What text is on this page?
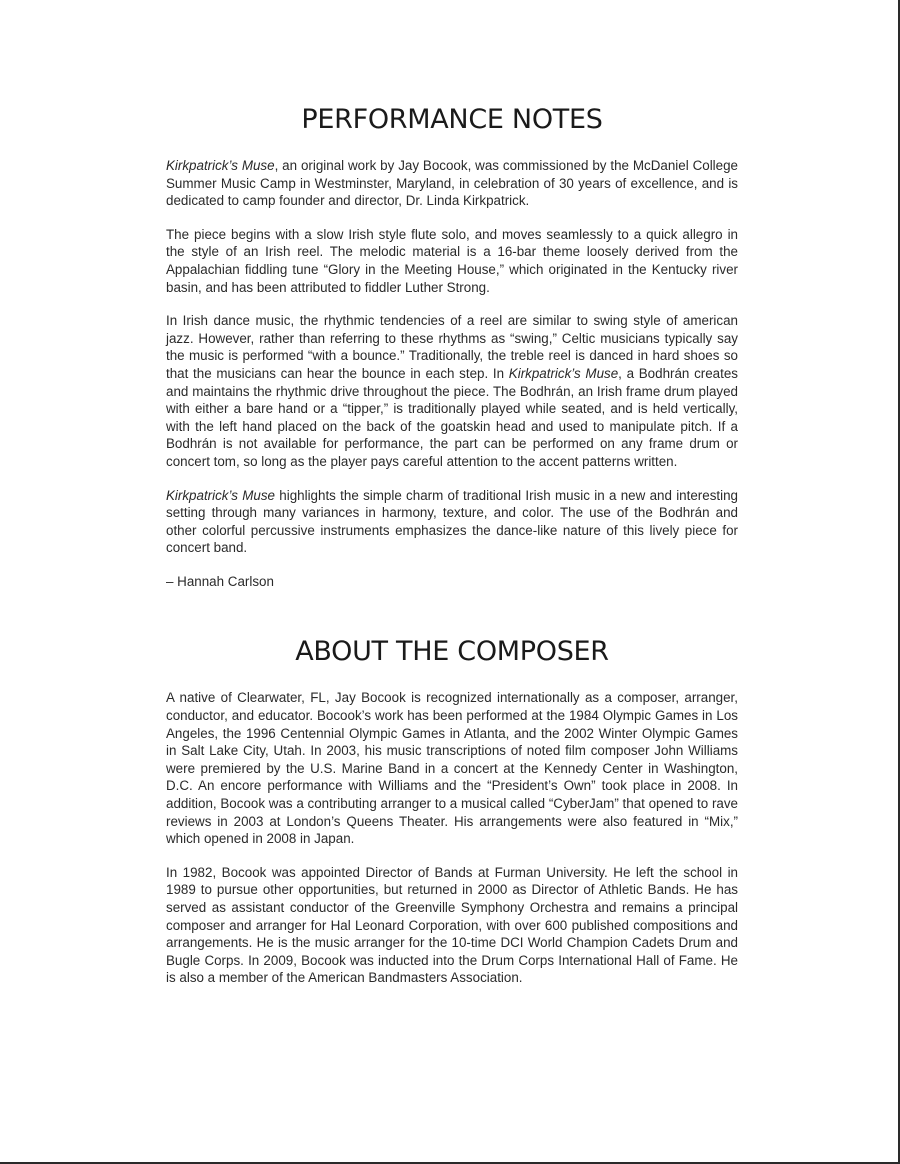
PERFORMANCE NOTES

Kirkpatrick’s Muse, an original work by Jay Bocook, was commissioned by the McDaniel College Summer Music Camp in Westminster, Maryland, in celebration of 30 years of excellence, and is dedicated to camp founder and director, Dr. Linda Kirkpatrick.

The piece begins with a slow Irish style flute solo, and moves seamlessly to a quick allegro in the style of an Irish reel. The melodic material is a 16-bar theme loosely derived from the Appalachian fiddling tune “Glory in the Meeting House,” which originated in the Kentucky river basin, and has been attributed to fiddler Luther Strong.

In Irish dance music, the rhythmic tendencies of a reel are similar to swing style of american jazz. However, rather than referring to these rhythms as “swing,” Celtic musicians typically say the music is performed “with a bounce.” Traditionally, the treble reel is danced in hard shoes so that the musicians can hear the bounce in each step. In Kirkpatrick’s Muse, a Bodhrán creates and maintains the rhythmic drive throughout the piece. The Bodhrán, an Irish frame drum played with either a bare hand or a “tipper,” is traditionally played while seated, and is held vertically, with the left hand placed on the back of the goatskin head and used to manipulate pitch. If a Bodhrán is not available for performance, the part can be performed on any frame drum or concert tom, so long as the player pays careful attention to the accent patterns written.

Kirkpatrick’s Muse highlights the simple charm of traditional Irish music in a new and interesting setting through many variances in harmony, texture, and color. The use of the Bodhrán and other colorful percussive instruments emphasizes the dance-like nature of this lively piece for concert band.

– Hannah Carlson

ABOUT THE COMPOSER

A native of Clearwater, FL, Jay Bocook is recognized internationally as a composer, arranger, conductor, and educator. Bocook’s work has been performed at the 1984 Olympic Games in Los Angeles, the 1996 Centennial Olympic Games in Atlanta, and the 2002 Winter Olympic Games in Salt Lake City, Utah. In 2003, his music transcriptions of noted film composer John Williams were premiered by the U.S. Marine Band in a concert at the Kennedy Center in Washington, D.C. An encore performance with Williams and the “President’s Own” took place in 2008. In addition, Bocook was a contributing arranger to a musical called “CyberJam” that opened to rave reviews in 2003 at London’s Queens Theater. His arrangements were also featured in “Mix,” which opened in 2008 in Japan.

In 1982, Bocook was appointed Director of Bands at Furman University. He left the school in 1989 to pursue other opportunities, but returned in 2000 as Director of Athletic Bands. He has served as assistant conductor of the Greenville Symphony Orchestra and remains a principal composer and arranger for Hal Leonard Corporation, with over 600 published compositions and arrangements. He is the music arranger for the 10-time DCI World Champion Cadets Drum and Bugle Corps. In 2009, Bocook was inducted into the Drum Corps International Hall of Fame. He is also a member of the American Bandmasters Association.
